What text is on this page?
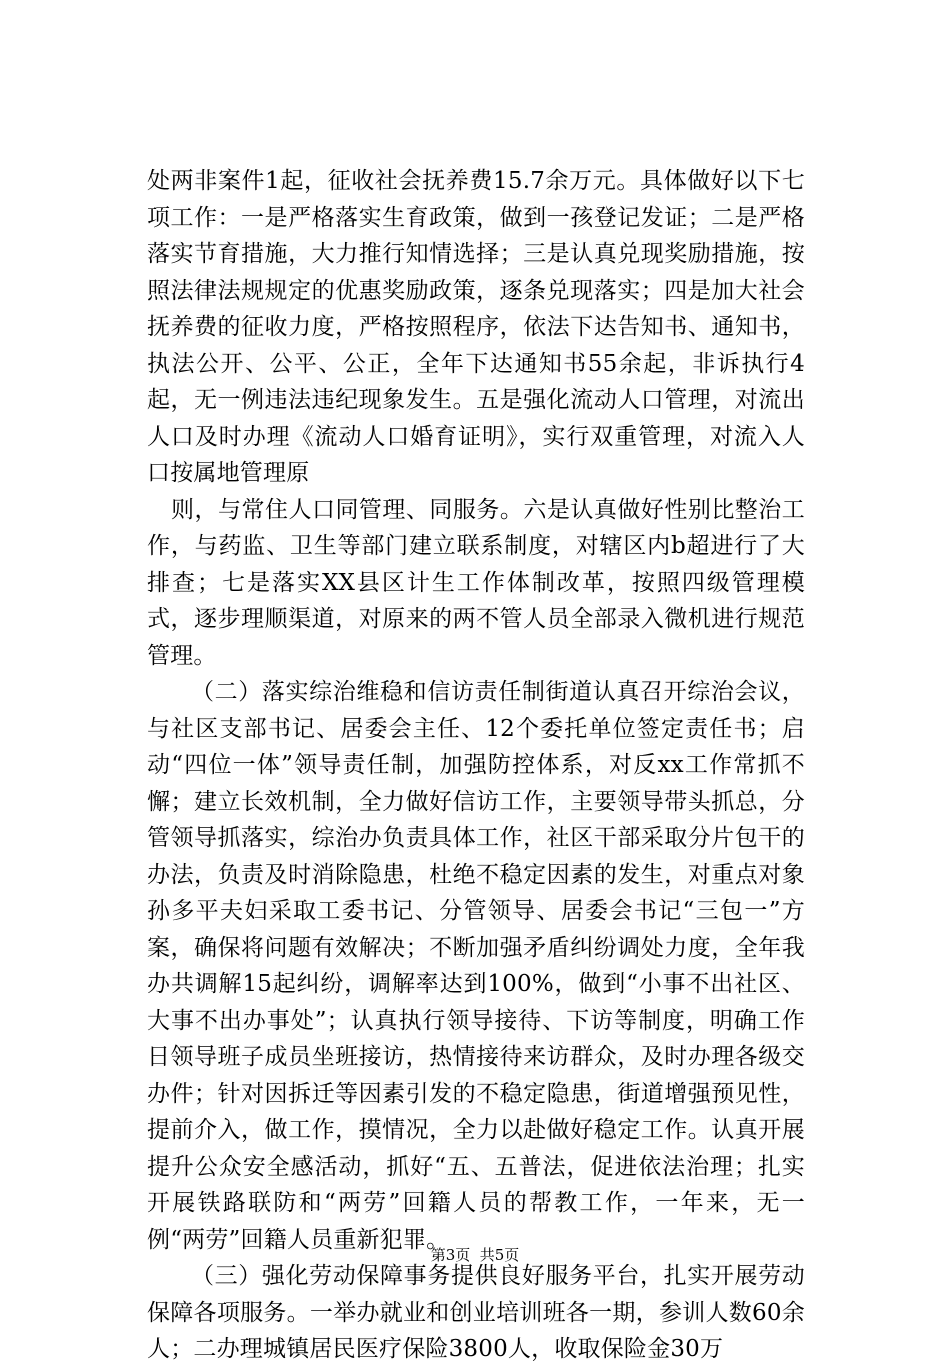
处两非案件1起，征收社会抚养费15.7余万元。具体做好以下七项工作：一是严格落实生育政策，做到一孩登记发证；二是严格落实节育措施，大力推行知情选择；三是认真兑现奖励措施，按照法律法规规定的优惠奖励政策，逐条兑现落实；四是加大社会抚养费的征收力度，严格按照程序，依法下达告知书、通知书，执法公开、公平、公正，全年下达通知书55余起，非诉执行4起，无一例违法违纪现象发生。五是强化流动人口管理，对流出人口及时办理《流动人口婚育证明》，实行双重管理，对流入人口按属地管理原

则，与常住人口同管理、同服务。六是认真做好性别比整治工作，与药监、卫生等部门建立联系制度，对辖区内b超进行了大排查；七是落实XX县区计生工作体制改革，按照四级管理模式，逐步理顺渠道，对原来的两不管人员全部录入微机进行规范管理。

（二）落实综治维稳和信访责任制街道认真召开综治会议，与社区支部书记、居委会主任、12个委托单位签定责任书；启动“四位一体”领导责任制，加强防控体系，对反xx工作常抓不懈；建立长效机制，全力做好信访工作，主要领导带头抓总，分管领导抓落实，综治办负责具体工作，社区干部采取分片包干的办法，负责及时消除隐患，杜绝不稳定因素的发生，对重点对象孙多平夫妇采取工委书记、分管领导、居委会书记“三包一”方案，确保将问题有效解决；不断加强矛盾纠纷调处力度，全年我办共调解15起纠纷，调解率达到100%，做到“小事不出社区、大事不出办事处”；认真执行领导接待、下访等制度，明确工作日领导班子成员坐班接访，热情接待来访群众，及时办理各级交办件；针对因拆迁等因素引发的不稳定隐患，街道增强预见性，提前介入，做工作，摸情况，全力以赴做好稳定工作。认真开展提升公众安全感活动，抓好“五、五普法，促进依法治理；扎实开展铁路联防和“两劳”回籍人员的帮教工作，一年来，无一例“两劳”回籍人员重新犯罪。

（三）强化劳动保障事务提供良好服务平台，扎实开展劳动保障各项服务。一举办就业和创业培训班各一期，参训人数60余人；二办理城镇居民医疗保险3800人，收取保险金30万

第3页  共5页
